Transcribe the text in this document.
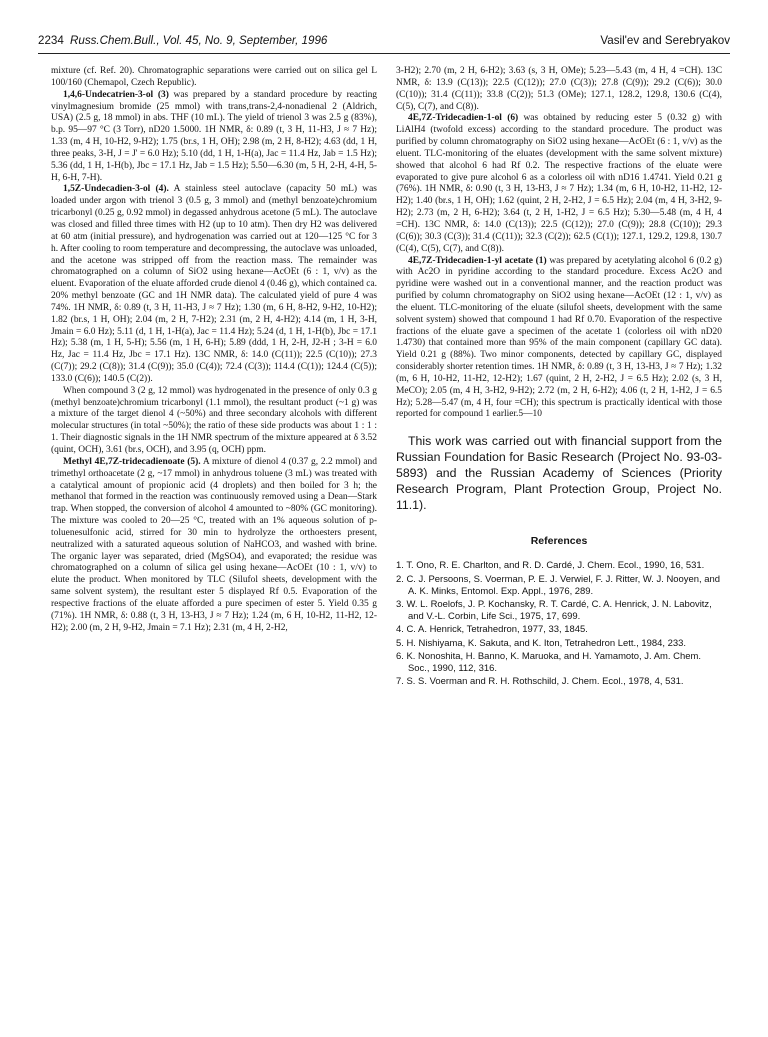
2234 Russ.Chem.Bull., Vol. 45, No. 9, September, 1996	Vasil'ev and Serebryakov

mixture (cf. Ref. 20). Chromatographic separations were carried out on silica gel L 100/160 (Chemapol, Czech Republic).

1,4,6-Undecatrien-3-ol (3) was prepared by a standard procedure by reacting vinylmagnesium bromide (25 mmol) with trans,trans-2,4-nonadienal 2 (Aldrich, USA) (2.5 g, 18 mmol) in abs. THF (10 mL). The yield of trienol 3 was 2.5 g (83%), b.p. 95—97 °C (3 Torr), nD20 1.5000. 1H NMR, δ: 0.89 (t, 3 H, 11-H3, J ≈ 7 Hz); 1.33 (m, 4 H, 10-H2, 9-H2); 1.75 (br.s, 1 H, OH); 2.98 (m, 2 H, 8-H2); 4.63 (dd, 1 H, three peaks, 3-H, J = J' = 6.0 Hz); 5.10 (dd, 1 H, 1-H(a), Jac = 11.4 Hz, Jab = 1.5 Hz); 5.36 (dd, 1 H, 1-H(b), Jbc = 17.1 Hz, Jab = 1.5 Hz); 5.50—6.30 (m, 5 H, 2-H, 4-H, 5-H, 6-H, 7-H).

1,5Z-Undecadien-3-ol (4). A stainless steel autoclave (capacity 50 mL) was loaded under argon with trienol 3 (0.5 g, 3 mmol) and (methyl benzoate)chromium tricarbonyl (0.25 g, 0.92 mmol) in degassed anhydrous acetone (5 mL). The autoclave was closed and filled three times with H2 (up to 10 atm). Then dry H2 was delivered at 60 atm (initial pressure), and hydrogenation was carried out at 120—125 °C for 3 h. After cooling to room temperature and decompressing, the autoclave was unloaded, and the acetone was stripped off from the reaction mass. The remainder was chromatographed on a column of SiO2 using hexane—AcOEt (6 : 1, v/v) as the eluent. Evaporation of the eluate afforded crude dienol 4 (0.46 g), which contained ca. 20% methyl benzoate (GC and 1H NMR data). The calculated yield of pure 4 was 74%. 1H NMR, δ: 0.89 (t, 3 H, 11-H3, J ≈ 7 Hz); 1.30 (m, 6 H, 8-H2, 9-H2, 10-H2); 1.82 (br.s, 1 H, OH); 2.04 (m, 2 H, 7-H2); 2.31 (m, 2 H, 4-H2); 4.14 (m, 1 H, 3-H, Jmain = 6.0 Hz); 5.11 (d, 1 H, 1-H(a), Jac = 11.4 Hz); 5.24 (d, 1 H, 1-H(b), Jbc = 17.1 Hz); 5.38 (m, 1 H, 5-H); 5.56 (m, 1 H, 6-H); 5.89 (ddd, 1 H, 2-H, J2-H ; 3-H = 6.0 Hz, Jac = 11.4 Hz, Jbc = 17.1 Hz). 13C NMR, δ: 14.0 (C(11)); 22.5 (C(10)); 27.3 (C(7)); 29.2 (C(8)); 31.4 (C(9)); 35.0 (C(4)); 72.4 (C(3)); 114.4 (C(1)); 124.4 (C(5)); 133.0 (C(6)); 140.5 (C(2)).

When compound 3 (2 g, 12 mmol) was hydrogenated in the presence of only 0.3 g (methyl benzoate)chromium tricarbonyl (1.1 mmol), the resultant product (~1 g) was a mixture of the target dienol 4 (~50%) and three secondary alcohols with different molecular structures (in total ~50%); the ratio of these side products was about 1 : 1 : 1. Their diagnostic signals in the 1H NMR spectrum of the mixture appeared at δ 3.52 (quint, OCH), 3.61 (br.s, OCH), and 3.95 (q, OCH) ppm.

Methyl 4E,7Z-tridecadienoate (5). A mixture of dienol 4 (0.37 g, 2.2 mmol) and trimethyl orthoacetate (2 g, ~17 mmol) in anhydrous toluene (3 mL) was treated with a catalytical amount of propionic acid (4 droplets) and then boiled for 3 h; the methanol that formed in the reaction was continuously removed using a Dean—Stark trap. When stopped, the conversion of alcohol 4 amounted to ~80% (GC monitoring). The mixture was cooled to 20—25 °C, treated with an 1% aqueous solution of p-toluenesulfonic acid, stirred for 30 min to hydrolyze the orthoesters present, neutralized with a saturated aqueous solution of NaHCO3, and washed with brine. The organic layer was separated, dried (MgSO4), and evaporated; the residue was chromatographed on a column of silica gel using hexane—AcOEt (10 : 1, v/v) to elute the product. When monitored by TLC (Silufol sheets, development with the same solvent system), the resultant ester 5 displayed Rf 0.5. Evaporation of the respective fractions of the eluate afforded a pure specimen of ester 5. Yield 0.35 g (71%). 1H NMR, δ: 0.88 (t, 3 H, 13-H3, J ≈ 7 Hz); 1.24 (m, 6 H, 10-H2, 11-H2, 12-H2); 2.00 (m, 2 H, 9-H2, Jmain = 7.1 Hz); 2.31 (m, 4 H, 2-H2,

3-H2); 2.70 (m, 2 H, 6-H2); 3.63 (s, 3 H, OMe); 5.23—5.43 (m, 4 H, 4 =CH). 13C NMR, δ: 13.9 (C(13)); 22.5 (C(12)); 27.0 (C(3)); 27.8 (C(9)); 29.2 (C(6)); 30.0 (C(10)); 31.4 (C(11)); 33.8 (C(2)); 51.3 (OMe); 127.1, 128.2, 129.8, 130.6 (C(4), C(5), C(7), and C(8)).

4E,7Z-Tridecadien-1-ol (6) was obtained by reducing ester 5 (0.32 g) with LiAlH4 (twofold excess) according to the standard procedure. The product was purified by column chromatography on SiO2 using hexane—AcOEt (6 : 1, v/v) as the eluent. TLC-monitoring of the eluates (development with the same solvent mixture) showed that alcohol 6 had Rf 0.2. The respective fractions of the eluate were evaporated to give pure alcohol 6 as a colorless oil with nD16 1.4741. Yield 0.21 g (76%). 1H NMR, δ: 0.90 (t, 3 H, 13-H3, J ≈ 7 Hz); 1.34 (m, 6 H, 10-H2, 11-H2, 12-H2); 1.40 (br.s, 1 H, OH); 1.62 (quint, 2 H, 2-H2, J = 6.5 Hz); 2.04 (m, 4 H, 3-H2, 9-H2); 2.73 (m, 2 H, 6-H2); 3.64 (t, 2 H, 1-H2, J = 6.5 Hz); 5.30—5.48 (m, 4 H, 4 =CH). 13C NMR, δ: 14.0 (C(13)); 22.5 (C(12)); 27.0 (C(9)); 28.8 (C(10)); 29.3 (C(6)); 30.3 (C(3)); 31.4 (C(11)); 32.3 (C(2)); 62.5 (C(1)); 127.1, 129.2, 129.8, 130.7 (C(4), C(5), C(7), and C(8)).

4E,7Z-Tridecadien-1-yl acetate (1) was prepared by acetylating alcohol 6 (0.2 g) with Ac2O in pyridine according to the standard procedure. Excess Ac2O and pyridine were washed out in a conventional manner, and the reaction product was purified by column chromatography on SiO2 using hexane—AcOEt (12 : 1, v/v) as the eluent. TLC-monitoring of the eluate (silufol sheets, development with the same solvent system) showed that compound 1 had Rf 0.70. Evaporation of the respective fractions of the eluate gave a specimen of the acetate 1 (colorless oil with nD20 1.4730) that contained more than 95% of the main component (capillary GC data). Yield 0.21 g (88%). Two minor components, detected by capillary GC, displayed considerably shorter retention times. 1H NMR, δ: 0.89 (t, 3 H, 13-H3, J ≈ 7 Hz); 1.32 (m, 6 H, 10-H2, 11-H2, 12-H2); 1.67 (quint, 2 H, 2-H2, J = 6.5 Hz); 2.02 (s, 3 H, MeCO); 2.05 (m, 4 H, 3-H2, 9-H2); 2.72 (m, 2 H, 6-H2); 4.06 (t, 2 H, 1-H2, J = 6.5 Hz); 5.28—5.47 (m, 4 H, four =CH); this spectrum is practically identical with those reported for compound 1 earlier.5—10

This work was carried out with financial support from the Russian Foundation for Basic Research (Project No. 93-03-5893) and the Russian Academy of Sciences (Priority Research Program, Plant Protection Group, Project No. 11.1).
References
1. T. Ono, R. E. Charlton, and R. D. Cardé, J. Chem. Ecol., 1990, 16, 531.
2. C. J. Persoons, S. Voerman, P. E. J. Verwiel, F. J. Ritter, W. J. Nooyen, and A. K. Minks, Entomol. Exp. Appl., 1976, 289.
3. W. L. Roelofs, J. P. Kochansky, R. T. Cardé, C. A. Henrick, J. N. Labovitz, and V.-L. Corbin, Life Sci., 1975, 17, 699.
4. C. A. Henrick, Tetrahedron, 1977, 33, 1845.
5. H. Nishiyama, K. Sakuta, and K. Iton, Tetrahedron Lett., 1984, 233.
6. K. Nonoshita, H. Banno, K. Maruoka, and H. Yamamoto, J. Am. Chem. Soc., 1990, 112, 316.
7. S. S. Voerman and R. H. Rothschild, J. Chem. Ecol., 1978, 4, 531.
